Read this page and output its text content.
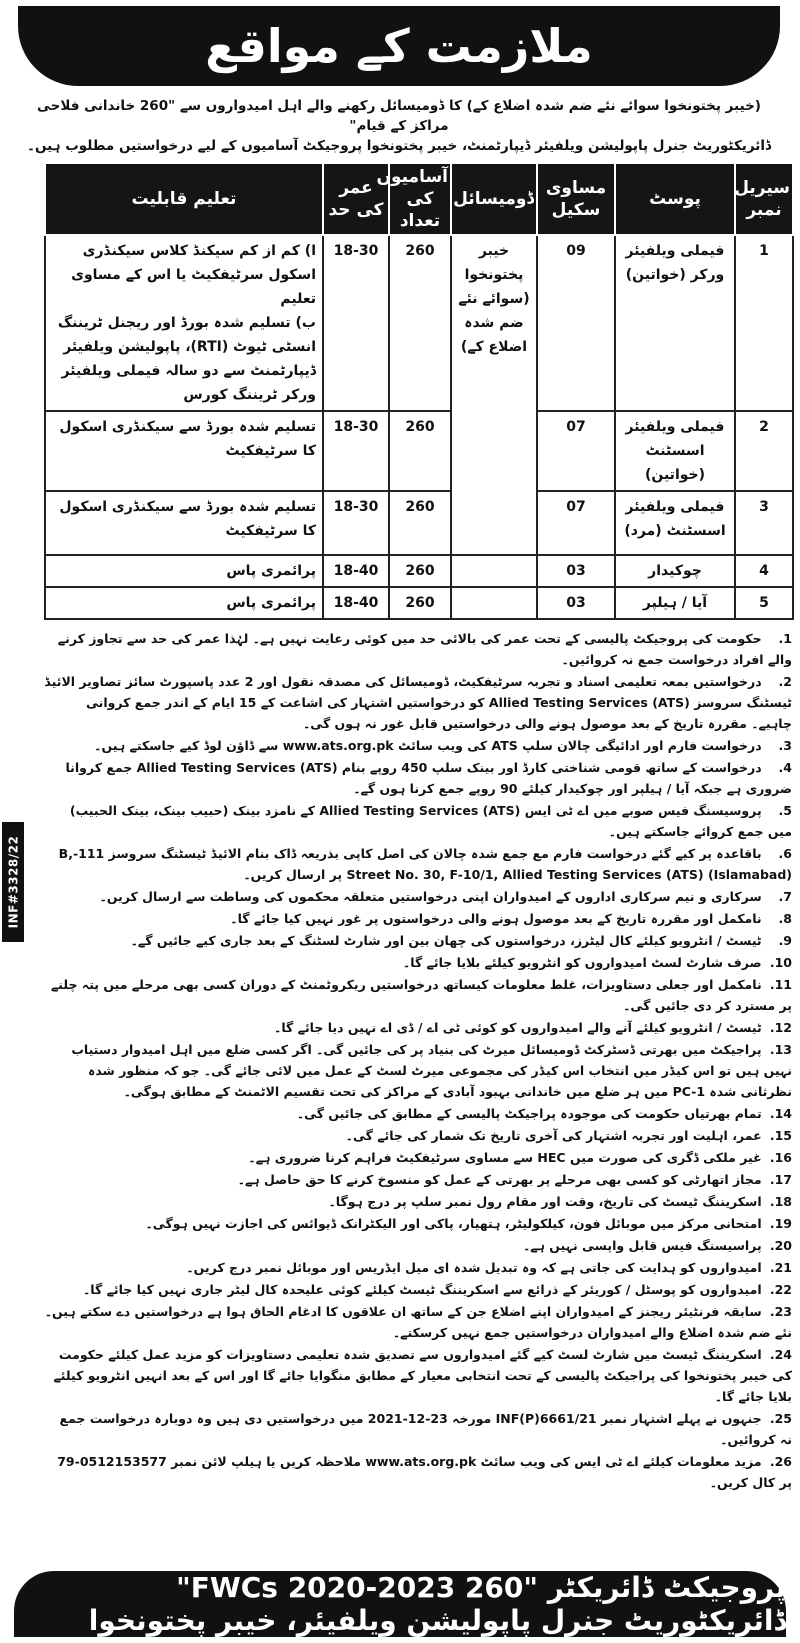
ملازمت کے مواقع
(خیبر پختونخوا سوائے نئے ضم شدہ اضلاع کے) کا ڈومیسائل رکھنے والے اہل امیدواروں سے "260 خاندانی فلاحی مراکز کے قیام"
ڈائریکٹوریٹ جنرل پاپولیشن ویلفیئر ڈیپارٹمنٹ، خیبر پختونخوا پروجیکٹ آسامیوں کے لیے درخواستیں مطلوب ہیں۔
سیریل نمبر	پوسٹ	مساوی سکیل	ڈومیسائل	آسامیوں کی تعداد	عمر کی حد	تعلیم قابلیت
1	فیملی ویلفیئر ورکر (خواتین)	09	خیبر پختونخوا (سوائے نئے ضم شدہ اضلاع کے)	260	18-30	ا) کم از کم سیکنڈ کلاس سیکنڈری اسکول سرٹیفکیٹ یا اس کے مساوی تعلیم
ب) تسلیم شدہ بورڈ اور ریجنل ٹریننگ انسٹی ٹیوٹ (RTI)، پاپولیشن ویلفیئر ڈیپارٹمنٹ سے دو سالہ فیملی ویلفیئر ورکر ٹریننگ کورس

2	فیملی ویلفیئر اسسٹنٹ (خواتین)	07		260	18-30	تسلیم شدہ بورڈ سے سیکنڈری اسکول کا سرٹیفکیٹ
3	فیملی ویلفیئر اسسٹنٹ (مرد)	07		260	18-30	تسلیم شدہ بورڈ سے سیکنڈری اسکول کا سرٹیفکیٹ
4	چوکیدار	03		260	18-40	پرائمری پاس
5	آیا / ہیلپر	03		260	18-40	پرائمری پاس
1. حکومت کی پروجیکٹ پالیسی کے تحت عمر کی بالائی حد میں کوئی رعایت نہیں ہے۔ لہٰذا عمر کی حد سے تجاوز کرنے والے افراد درخواست جمع نہ کروائیں۔
2. درخواستیں بمعہ تعلیمی اسناد و تجربہ سرٹیفکیٹ، ڈومیسائل کی مصدقہ نقول اور 2 عدد پاسپورٹ سائز تصاویر الائیڈ ٹیسٹنگ سروسز Allied Testing Services (ATS) کو درخواستیں اشتہار کی اشاعت کے 15 ایام کے اندر جمع کروانی چاہیے۔ مقررہ تاریخ کے بعد موصول ہونے والی درخواستیں قابل غور نہ ہوں گی۔
3. درخواست فارم اور ادائیگی چالان سلپ ATS کی ویب سائٹ www.ats.org.pk سے ڈاؤن لوڈ کیے جاسکتے ہیں۔
4. درخواست کے ساتھ قومی شناختی کارڈ اور بینک سلپ 450 روپے بنام Allied Testing Services (ATS) جمع کروانا ضروری ہے جبکہ آیا / ہیلپر اور چوکیدار کیلئے 90 روپے جمع کرنا ہوں گے۔
5. پروسیسنگ فیس صوبے میں اے ٹی ایس Allied Testing Services (ATS) کے نامزد بینک (حبیب بینک، بینک الحبیب) میں جمع کروائے جاسکتے ہیں۔
6. باقاعدہ پر کیے گئے درخواست فارم مع جمع شدہ چالان کی اصل کاپی بذریعہ ڈاک بنام الائیڈ ٹیسٹنگ سروسز 111-B, Street No. 30, F-10/1, Allied Testing Services (ATS) (Islamabad) پر ارسال کریں۔
7. سرکاری و نیم سرکاری اداروں کے امیدواران اپنی درخواستیں متعلقہ محکموں کی وساطت سے ارسال کریں۔
8. نامکمل اور مقررہ تاریخ کے بعد موصول ہونے والی درخواستوں پر غور نہیں کیا جائے گا۔
9. ٹیسٹ / انٹرویو کیلئے کال لیٹرز، درخواستوں کی چھان بین اور شارٹ لسٹنگ کے بعد جاری کیے جائیں گے۔
10. صرف شارٹ لسٹ امیدواروں کو انٹرویو کیلئے بلایا جائے گا۔
11. نامکمل اور جعلی دستاویزات، غلط معلومات کیساتھ درخواستیں ریکروٹمنٹ کے دوران کسی بھی مرحلے میں پتہ چلنے پر مسترد کر دی جائیں گی۔
12. ٹیسٹ / انٹرویو کیلئے آنے والے امیدواروں کو کوئی ٹی اے / ڈی اے نہیں دیا جائے گا۔
13. پراجیکٹ میں بھرتی ڈسٹرکٹ ڈومیسائل میرٹ کی بنیاد پر کی جائیں گی۔ اگر کسی ضلع میں اہل امیدوار دستیاب نہیں ہیں تو اس کیڈر میں انتخاب اس کیڈر کی مجموعی میرٹ لسٹ کے عمل میں لائی جائے گی۔ جو کہ منظور شدہ نظرثانی شدہ PC-1 میں ہر ضلع میں خاندانی بہبود آبادی کے مراکز کی تحت تقسیم الاٹمنٹ کے مطابق ہوگی۔
14. تمام بھرتیاں حکومت کی موجودہ پراجیکٹ پالیسی کے مطابق کی جائیں گی۔
15. عمر، اہلیت اور تجربہ اشتہار کی آخری تاریخ تک شمار کی جائے گی۔
16. غیر ملکی ڈگری کی صورت میں HEC سے مساوی سرٹیفکیٹ فراہم کرنا ضروری ہے۔
17. مجاز اتھارٹی کو کسی بھی مرحلے پر بھرتی کے عمل کو منسوخ کرنے کا حق حاصل ہے۔
18. اسکریننگ ٹیسٹ کی تاریخ، وقت اور مقام رول نمبر سلپ پر درج ہوگا۔
19. امتحانی مرکز میں موبائل فون، کیلکولیٹر، ہتھیار، پاکی اور الیکٹرانک ڈیوائس کی اجازت نہیں ہوگی۔
20. پراسیسنگ فیس قابل واپسی نہیں ہے۔
21. امیدواروں کو ہدایت کی جاتی ہے کہ وہ تبدیل شدہ ای میل ایڈریس اور موبائل نمبر درج کریں۔
22. امیدواروں کو پوسٹل / کوریئر کے ذرائع سے اسکریننگ ٹیسٹ کیلئے کوئی علیحدہ کال لیٹر جاری نہیں کیا جائے گا۔
23. سابقہ فرنٹیئر ریجنز کے امیدواران اپنے اضلاع جن کے ساتھ ان علاقوں کا ادغام الحاق ہوا ہے درخواستیں دے سکتے ہیں۔ نئے ضم شدہ اضلاع والے امیدواران درخواستیں جمع نہیں کرسکتے۔
24. اسکریننگ ٹیسٹ میں شارٹ لسٹ کیے گئے امیدواروں سے تصدیق شدہ تعلیمی دستاویزات کو مزید عمل کیلئے حکومت کی خیبر پختونخوا کی پراجیکٹ پالیسی کے تحت انتخابی معیار کے مطابق منگوایا جائے گا اور اس کے بعد انہیں انٹرویو کیلئے بلایا جائے گا۔
25. جنہوں نے پہلے اشتہار نمبر INF(P)6661/21 مورخہ 23-12-2021 میں درخواستیں دی ہیں وہ دوبارہ درخواست جمع نہ کروائیں۔
26. مزید معلومات کیلئے اے ٹی ایس کی ویب سائٹ www.ats.org.pk ملاحظہ کریں یا ہیلپ لائن نمبر 0512153577-79 پر کال کریں۔
INF#3328/22
پروجیکٹ ڈائریکٹر "260 FWCs 2020-2023" ڈائریکٹوریٹ جنرل پاپولیشن ویلفیئر، خیبر پختونخوا
